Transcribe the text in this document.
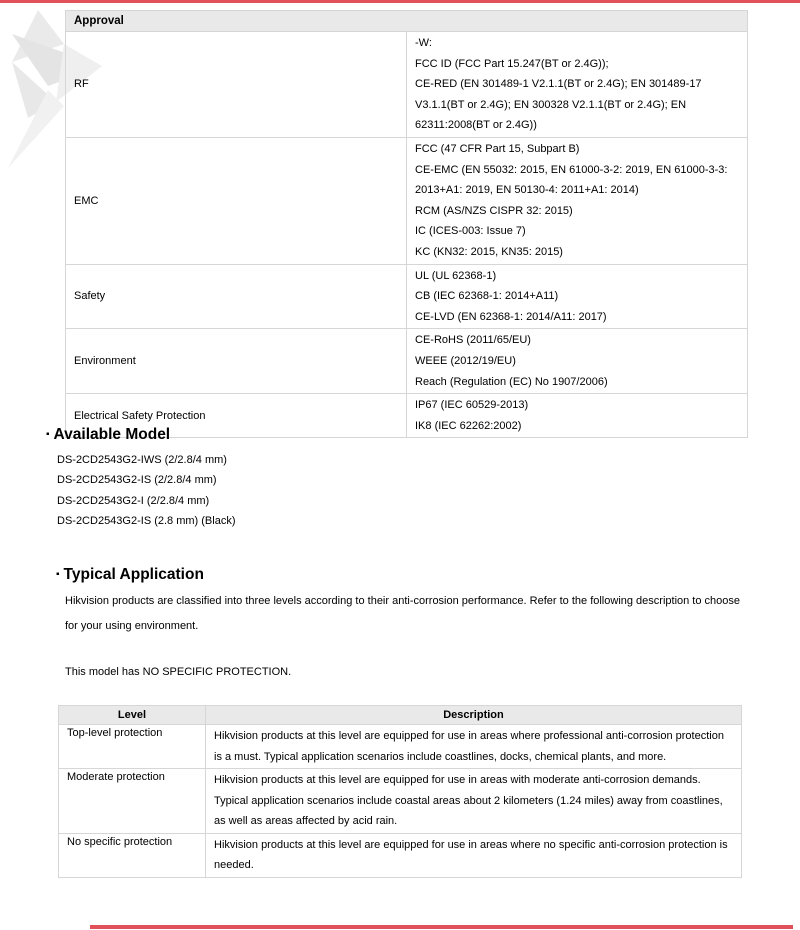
Approval	
RF	-W:
FCC ID (FCC Part 15.247(BT or 2.4G));
CE-RED (EN 301489-1 V2.1.1(BT or 2.4G); EN 301489-17 V3.1.1(BT or 2.4G); EN 300328 V2.1.1(BT or 2.4G); EN 62311:2008(BT or 2.4G))

EMC	FCC (47 CFR Part 15, Subpart B)
CE-EMC (EN 55032: 2015, EN 61000-3-2: 2019, EN 61000-3-3: 2013+A1: 2019, EN 50130-4: 2011+A1: 2014)
RCM (AS/NZS CISPR 32: 2015)
IC (ICES-003: Issue 7)
KC (KN32: 2015, KN35: 2015)

Safety	UL (UL 62368-1)
CB (IEC 62368-1: 2014+A11)
CE-LVD (EN 62368-1: 2014/A11: 2017)

Environment	CE-RoHS (2011/65/EU)
WEEE (2012/19/EU)
Reach (Regulation (EC) No 1907/2006)

Electrical Safety Protection	IP67 (IEC 60529-2013)
IK8 (IEC 62262:2002)
▪ Available Model
DS-2CD2543G2-IWS (2/2.8/4 mm)
DS-2CD2543G2-IS (2/2.8/4 mm)
DS-2CD2543G2-I (2/2.8/4 mm)
DS-2CD2543G2-IS (2.8 mm) (Black)
▪ Typical Application
Hikvision products are classified into three levels according to their anti-corrosion performance. Refer to the following description to choose for your using environment.
This model has NO SPECIFIC PROTECTION.
Level	Description
Top-level protection	Hikvision products at this level are equipped for use in areas where professional anti-corrosion protection is a must. Typical application scenarios include coastlines, docks, chemical plants, and more.
Moderate protection	Hikvision products at this level are equipped for use in areas with moderate anti-corrosion demands. Typical application scenarios include coastal areas about 2 kilometers (1.24 miles) away from coastlines, as well as areas affected by acid rain.
No specific protection	Hikvision products at this level are equipped for use in areas where no specific anti-corrosion protection is needed.
